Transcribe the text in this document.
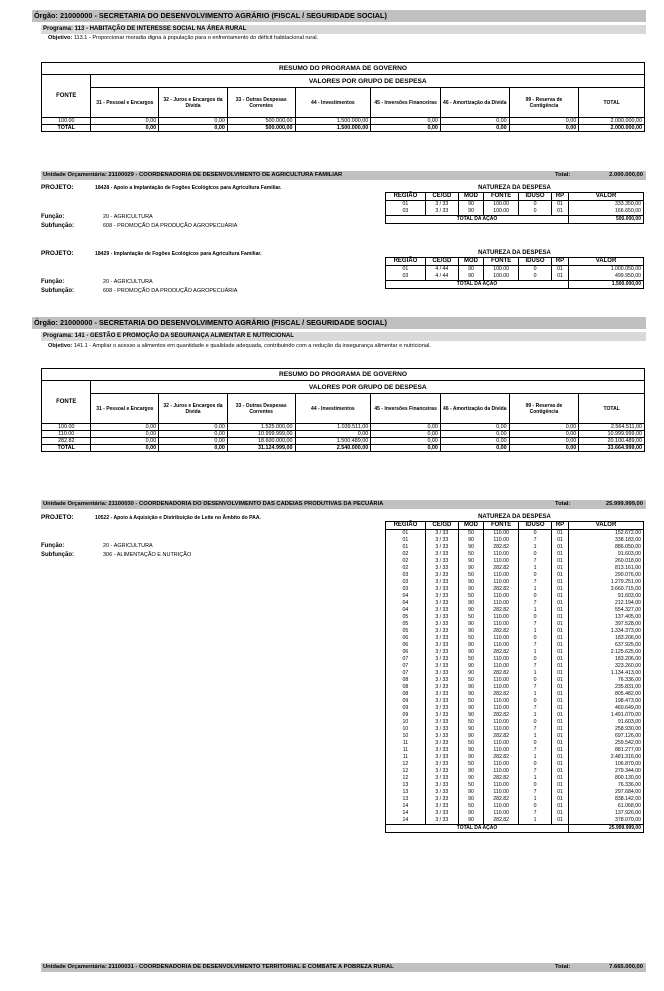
Órgão: 21000000 - SECRETARIA DO DESENVOLVIMENTO AGRÁRIO (FISCAL / SEGURIDADE SOCIAL)
Programa: 113 - HABITAÇÃO DE INTERESSE SOCIAL NA ÁREA RURAL
Objetivo: 113.1 - Proporcionar moradia digna à população para o enfrentamento do déficit habitacional rural.
RESUMO DO PROGRAMA DE GOVERNO								
FONTE	VALORES POR GRUPO DE DESPESA							
	31 - Pessoal e Encargos	32 - Juros e Encargos da Dívida	33 - Outras Despesas Correntes	44 - Investimentos	45 - Inversões Financeiras	46 - Amortização da Dívida	99 - Reserva de Contigência	TOTAL
100.00	0,00	0,00	500.000,00	1.500.000,00	0,00	0,00	0,00	2.000.000,00
TOTAL	0,00	0,00	500.000,00	1.500.000,00	0,00	0,00	0,00	2.000.000,00
Unidade Orçamentária: 21100029 - COORDENADORIA DE DESENVOLVIMENTO DE AGRICULTURA FAMILIAR	Total:	2.000.000,00
PROJETO:	18428 - Apoio a Implantação de Fogões Ecológicos para Agricultura Familiar.
Função:	20 - AGRICULTURA
Subfunção:	608 - PROMOÇÃO DA PRODUÇÃO AGROPECUÁRIA
NATUREZA DA DESPESA						
REGIÃO	CE/GD	MOD	FONTE	IDUSO	RP	VALOR
01	3 / 33	90	100.00	0	01	333.350,00
03	3 / 33	90	100.00	0	01	166.650,00
TOTAL DA AÇÃO						500.000,00
PROJETO:	18429 - Implantação de Fogões Ecológicos para Agricultura Familiar.
Função:	20 - AGRICULTURA
Subfunção:	608 - PROMOÇÃO DA PRODUÇÃO AGROPECUÁRIA
NATUREZA DA DESPESA						
REGIÃO	CE/GD	MOD	FONTE	IDUSO	RP	VALOR
01	4 / 44	90	100.00	0	01	1.000.050,00
03	4 / 44	90	100.00	0	01	499.950,00
TOTAL DA AÇÃO						1.500.000,00
Órgão: 21000000 - SECRETARIA DO DESENVOLVIMENTO AGRÁRIO (FISCAL / SEGURIDADE SOCIAL)
Programa: 141 - GESTÃO E PROMOÇÃO DA SEGURANÇA ALIMENTAR E NUTRICIONAL
Objetivo: 141.1 - Ampliar o acesso a alimentos em quantidade e qualidade adequada, contribuindo com a redução da insegurança alimentar e nutricional.
RESUMO DO PROGRAMA DE GOVERNO								
FONTE	VALORES POR GRUPO DE DESPESA							
	31 - Pessoal e Encargos	32 - Juros e Encargos da Dívida	33 - Outras Despesas Correntes	44 - Investimentos	45 - Inversões Financeiras	46 - Amortização da Dívida	99 - Reserva de Contigência	TOTAL
100.00	0,00	0,00	1.525.000,00	1.039.511,00	0,00	0,00	0,00	2.564.511,00
110.00	0,00	0,00	10.999.999,00	0,00	0,00	0,00	0,00	10.999.999,00
282.82	0,00	0,00	18.600.000,00	1.500.489,00	0,00	0,00	0,00	20.100.489,00
TOTAL	0,00	0,00	31.124.999,00	2.540.000,00	0,00	0,00	0,00	33.664.999,00
Unidade Orçamentária: 21100030 - COORDENADORIA DO DESENVOLVIMENTO DAS CADEIAS PRODUTIVAS DA PECUÁRIA	Total:	25.999.999,00
PROJETO:	10522 - Apoio à Aquisição e Distribuição de Leite no Âmbito do PAA.
Função:	20 - AGRICULTURA
Subfunção:	306 - ALIMENTAÇÃO E NUTRIÇÃO
NATUREZA DA DESPESA						
REGIÃO	CE/GD	MOD	FONTE	IDUSO	RP	VALOR
01	3 / 33	50	110.00	0	01	152.672,00
01	3 / 33	90	110.00	7	01	338.183,00
01	3 / 33	90	282.82	1	01	886.050,00
02	3 / 33	50	110.00	0	01	91.603,00
02	3 / 33	90	110.00	7	01	260.018,00
02	3 / 33	90	282.82	1	01	813.161,00
03	3 / 33	50	110.00	0	01	290.076,00
03	3 / 33	90	110.00	7	01	1.279.251,00
03	3 / 33	90	282.82	1	01	3.660.715,00
04	3 / 33	50	110.00	0	01	91.603,00
04	3 / 33	90	110.00	7	01	212.194,00
04	3 / 33	90	282.82	1	01	554.327,00
05	3 / 33	50	110.00	0	01	137.405,00
05	3 / 33	90	110.00	7	01	397.528,00
05	3 / 33	90	282.82	1	01	1.334.373,00
06	3 / 33	50	110.00	0	01	183.206,00
06	3 / 33	90	110.00	7	01	637.925,00
06	3 / 33	90	282.82	1	01	2.125.625,00
07	3 / 33	50	110.00	0	01	183.206,00
07	3 / 33	90	110.00	7	01	323.260,00
07	3 / 33	90	282.82	1	01	1.134.413,00
08	3 / 33	50	110.00	0	01	76.336,00
08	3 / 33	90	110.00	7	01	235.831,00
08	3 / 33	90	282.82	1	01	805.482,00
09	3 / 33	50	110.00	0	01	198.473,00
09	3 / 33	90	110.00	7	01	460.649,00
09	3 / 33	90	282.82	1	01	1.491.070,00
10	3 / 33	50	110.00	0	01	91.603,00
10	3 / 33	90	110.00	7	01	258.930,00
10	3 / 33	90	282.82	1	01	697.126,00
11	3 / 33	50	110.00	0	01	259.542,00
11	3 / 33	90	110.00	7	01	881.277,00
11	3 / 33	90	282.82	1	01	2.481.316,00
12	3 / 33	50	110.00	0	01	106.870,00
12	3 / 33	90	110.00	7	01	279.344,00
12	3 / 33	90	282.82	1	01	800.130,00
13	3 / 33	50	110.00	0	01	76.336,00
13	3 / 33	90	110.00	7	01	297.684,00
13	3 / 33	90	282.82	1	01	838.142,00
14	3 / 33	50	110.00	0	01	61.068,00
14	3 / 33	90	110.00	7	01	137.926,00
14	3 / 33	90	282.82	1	01	378.070,00
TOTAL DA AÇÃO						25.999.999,00
Unidade Orçamentária: 21100031 - COORDENADORIA DE DESENVOLVIMENTO TERRITORIAL E COMBATE A POBREZA RURAL	Total:	7.665.000,00
